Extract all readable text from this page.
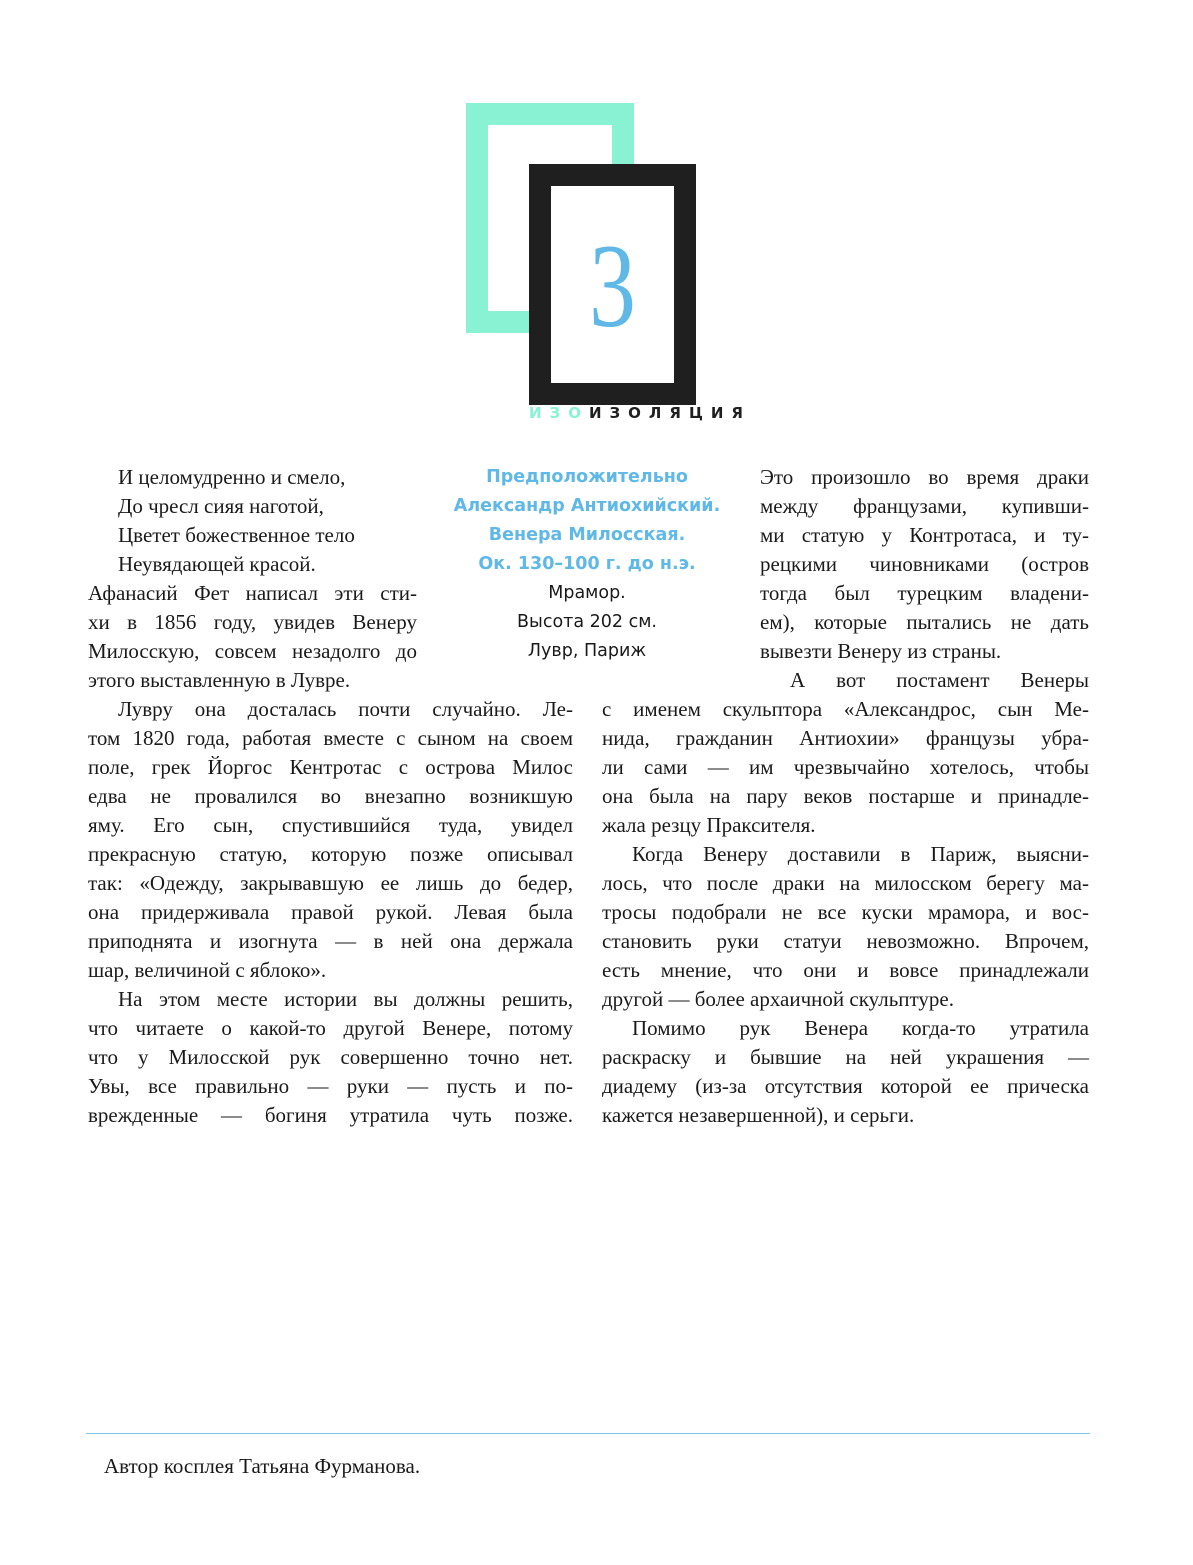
3
ИЗОИЗОЛЯЦИЯ
И целомудренно и смело,
До чресл сияя наготой,
Цветет божественное тело
Неувядающей красой.
Предположительно
Александр Антиохийский.
Венера Милосская.
Ок. 130–100 г. до н.э.
Мрамор.
Высота 202 см.
Лувр, Париж
Афанасий Фет написал эти сти-
хи в 1856 году, увидев Венеру
Милосскую, совсем незадолго до
этого выставленную в Лувре.
Лувру она досталась почти случайно. Ле-
том 1820 года, работая вместе с сыном на своем
поле, грек Йоргос Кентротас с острова Милос
едва не провалился во внезапно возникшую
яму. Его сын, спустившийся туда, увидел
прекрасную статую, которую позже описывал
так: «Одежду, закрывавшую ее лишь до бедер,
она придерживала правой рукой. Левая была
приподнята и изогнута — в ней она держала
шар, величиной с яблоко».
На этом месте истории вы должны решить,
что читаете о какой-то другой Венере, потому
что у Милосской рук совершенно точно нет.
Увы, все правильно — руки — пусть и по-
врежденные — богиня утратила чуть позже.
Это произошло во время драки
между французами, купивши-
ми статую у Контротаса, и ту-
рецкими чиновниками (остров
тогда был турецким владени-
ем), которые пытались не дать
вывезти Венеру из страны.
А вот постамент Венеры
с именем скульптора «Александрос, сын Ме-
нида, гражданин Антиохии» французы убра-
ли сами — им чрезвычайно хотелось, чтобы
она была на пару веков постарше и принадле-
жала резцу Праксителя.
Когда Венеру доставили в Париж, выясни-
лось, что после драки на милосском берегу ма-
тросы подобрали не все куски мрамора, и вос-
становить руки статуи невозможно. Впрочем,
есть мнение, что они и вовсе принадлежали
другой — более архаичной скульптуре.
Помимо рук Венера когда-то утратила
раскраску и бывшие на ней украшения —
диадему (из-за отсутствия которой ее прическа
кажется незавершенной), и серьги.
Автор косплея Татьяна Фурманова.
